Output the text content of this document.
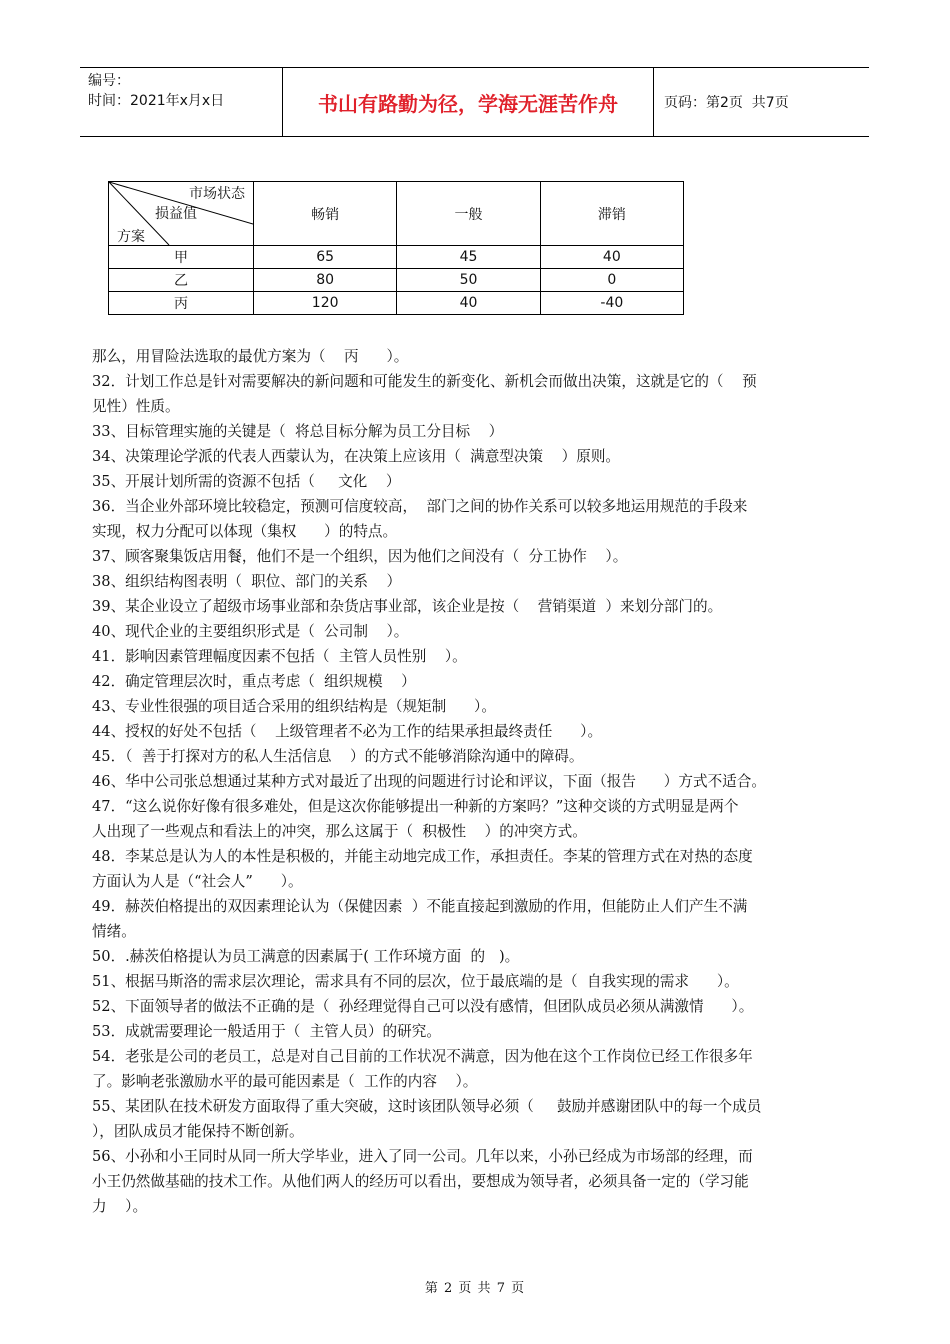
编号：
时间：2021年x月x日	书山有路勤为径，学海无涯苦作舟	页码：第2页  共7页
市场状态
损益值
方案	畅销	一般	滞销
甲	65	45	40
乙	80	50	0
丙	120	40	-40

那么，用冒险法选取的最优方案为（    丙      ）。

32．计划工作总是针对需要解决的新问题和可能发生的新变化、新机会而做出决策，这就是它的（    预

见性）性质。

33、目标管理实施的关键是（  将总目标分解为员工分目标    ）

34、决策理论学派的代表人西蒙认为，在决策上应该用（  满意型决策    ）原则。

35、开展计划所需的资源不包括（     文化    ）

36．当企业外部环境比较稳定，预测可信度较高，  部门之间的协作关系可以较多地运用规范的手段来

实现，权力分配可以体现（集权      ）的特点。

37、顾客聚集饭店用餐，他们不是一个组织，因为他们之间没有（  分工协作    ）。

38、组织结构图表明（  职位、部门的关系    ）

39、某企业设立了超级市场事业部和杂货店事业部，该企业是按（    营销渠道  ）来划分部门的。

40、现代企业的主要组织形式是（  公司制    ）。

41．影响因素管理幅度因素不包括（  主管人员性别    ）。

42．确定管理层次时，重点考虑（  组织规模    ）

43、专业性很强的项目适合采用的组织结构是（规矩制      ）。

44、授权的好处不包括（    上级管理者不必为工作的结果承担最终责任      ）。

45．（  善于打探对方的私人生活信息    ）的方式不能够消除沟通中的障碍。

46、华中公司张总想通过某种方式对最近了出现的问题进行讨论和评议，下面（报告      ）方式不适合。

47．“这么说你好像有很多难处，但是这次你能够提出一种新的方案吗？”这种交谈的方式明显是两个

人出现了一些观点和看法上的冲突，那么这属于（  积极性    ）的冲突方式。

48．李某总是认为人的本性是积极的，并能主动地完成工作，承担责任。李某的管理方式在对热的态度

方面认为人是（“社会人”      ）。

49．赫茨伯格提出的双因素理论认为（保健因素  ）不能直接起到激励的作用，但能防止人们产生不满

情绪。

50．.赫茨伯格提认为员工满意的因素属于( 工作环境方面  的   )。

51、根据马斯洛的需求层次理论，需求具有不同的层次，位于最底端的是（  自我实现的需求      ）。

52、下面领导者的做法不正确的是（  孙经理觉得自己可以没有感情，但团队成员必须从满激情      ）。

53．成就需要理论一般适用于（  主管人员）的研究。

54．老张是公司的老员工，总是对自己目前的工作状况不满意，因为他在这个工作岗位已经工作很多年

了。影响老张激励水平的最可能因素是（  工作的内容    ）。

55、某团队在技术研发方面取得了重大突破，这时该团队领导必须（     鼓励并感谢团队中的每一个成员

），团队成员才能保持不断创新。

56、小孙和小王同时从同一所大学毕业，进入了同一公司。几年以来，小孙已经成为市场部的经理，而

小王仍然做基础的技术工作。从他们两人的经历可以看出，要想成为领导者，必须具备一定的（学习能

力    ）。

第 2 页 共 7 页
